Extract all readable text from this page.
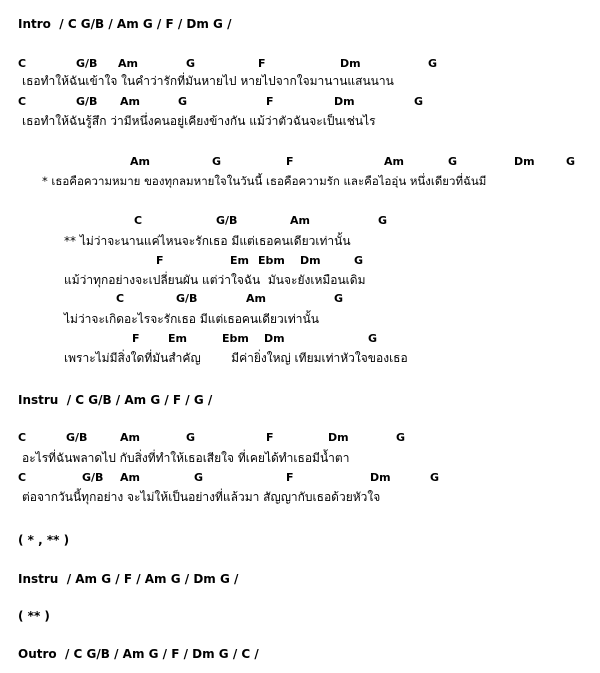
Intro  / C G/B / Am G / F / Dm G /
C	G/B Am	G	F	Dm	G
เธอทำให้ฉันเข้าใจ ในคำว่ารักที่มันหายไป หายไปจากใจมานานแสนนาน
C	G/B Am	G	F	Dm	G
เธอทำให้ฉันรู้สึก ว่ามีหนึ่งคนอยู่เคียงข้างกัน แม้ว่าตัวฉันจะเป็นเช่นไร
Am	G	F	Am	G	Dm	G
* เธอคือความหมาย ของทุกลมหายใจในวันนี้ เธอคือความรัก และคือไออุ่น หนึ่งเดียวที่ฉันมี
C	G/B	Am	G
** ไม่ว่าจะนานแค่ไหนจะรักเธอ มีแต่เธอคนเดียวเท่านั้น
F	Em Ebm Dm	G
แม้ว่าทุกอย่างจะเปลี่ยนผัน แต่ว่าใจฉัน  มันจะยังเหมือนเดิม
C	G/B	Am	G
ไม่ว่าจะเกิดอะไรจะรักเธอ มีแต่เธอคนเดียวเท่านั้น
F	Em	Ebm Dm	G
เพราะไม่มีสิ่งใดที่มันสำคัญ        มีค่ายิ่งใหญ่ เทียมเท่าหัวใจของเธอ
Instru  / C G/B / Am G / F / G /
C	G/B	Am	G	F	Dm	G
อะไรที่ฉันพลาดไป กับสิ่งที่ทำให้เธอเสียใจ ที่เคยได้ทำเธอมีน้ำตา
C	G/B Am	G	F	Dm	G
ต่อจากวันนี้ทุกอย่าง จะไม่ให้เป็นอย่างที่แล้วมา สัญญากับเธอด้วยหัวใจ
( * , ** )
Instru  / Am G / F / Am G / Dm G /
( ** )
Outro  / C G/B / Am G / F / Dm G / C /
